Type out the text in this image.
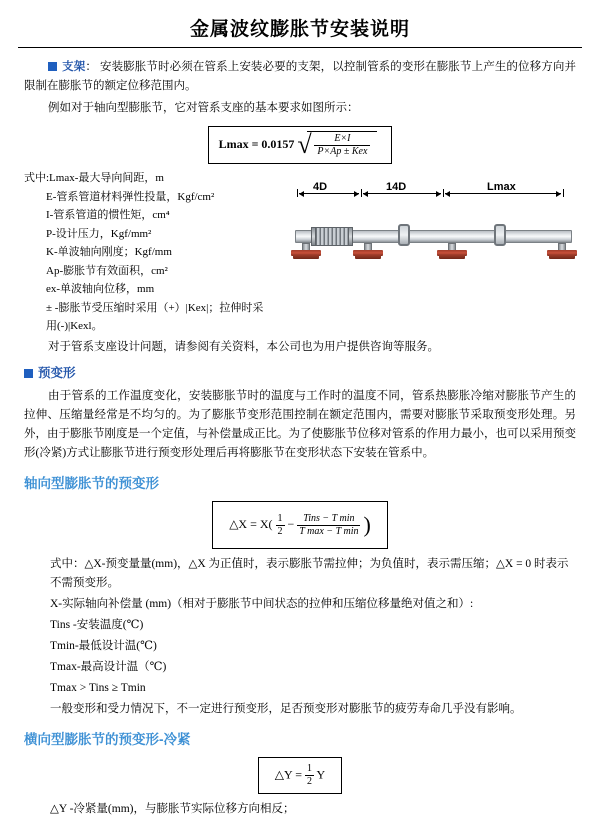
金属波纹膨胀节安装说明
支架： 安装膨胀节时必须在管系上安装必要的支架，以控制管系的变形在膨胀节上产生的位移方向并限制在膨胀节的额定位移范围内。
例如对于轴向型膨胀节，它对管系支座的基本要求如图所示：
Lmax = 0.0157 √
$\frac{E\times I}{\text{P×Ap ± Kex}}$
式中:Lmax-最大导向间距，m
E-管系管道材料弹性投量，Kgf/cm²
I-管系管道的惯性矩，cm⁴
P-设计压力，Kgf/mm²
K-单波轴向刚度；Kgf/mm
Ap-膨胀节有效面积，cm²
ex-单波轴向位移，mm
± -膨胀节受压缩时采用（+）|Kex|；拉伸时采用(-)|Kexl。
4D	14D	Lmax
对于管系支座设计问题，请参阅有关资料，本公司也为用户提供咨询等服务。
预变形
由于管系的工作温度变化，安装膨胀节时的温度与工作时的温度不同，管系热膨胀冷缩对膨胀节产生的拉伸、压缩量经常是不均匀的。为了膨胀节变形范围控制在额定范围内，需要对膨胀节采取预变形处理。另外，由于膨胀节刚度是一个定值，与补偿量成正比。为了使膨胀节位移对管系的作用力最小，也可以采用预变形(冷紧)方式让膨胀节进行预变形处理后再将膨胀节在变形状态下安装在管系中。
轴向型膨胀节的预变形
△X = $X( \frac{1}{2} - \frac{\text{Tins − T min}}{\text{T max − T min}}$ )
式中：△X-预变量量(mm)，△X 为正值时，表示膨胀节需拉伸；为负值时，表示需压缩；△X = 0 时表示不需预变形。
X-实际轴向补偿量 (mm)（相对于膨胀节中间状态的拉伸和压缩位移量绝对值之和）:
Tins -安装温度(℃)
Tmin-最低设计温(℃)
Tmax-最高设计温（℃)
Tmax > Tins ≥ Tmin
一般变形和受力情况下，不一定进行预变形，足否预变形对膨胀节的疲劳寿命几乎没有影响。
横向型膨胀节的预变形-冷紧
△Y = $\frac{1}{2}$ Y
△Y -冷紧量(mm)，与膨胀节实际位移方向相反；
